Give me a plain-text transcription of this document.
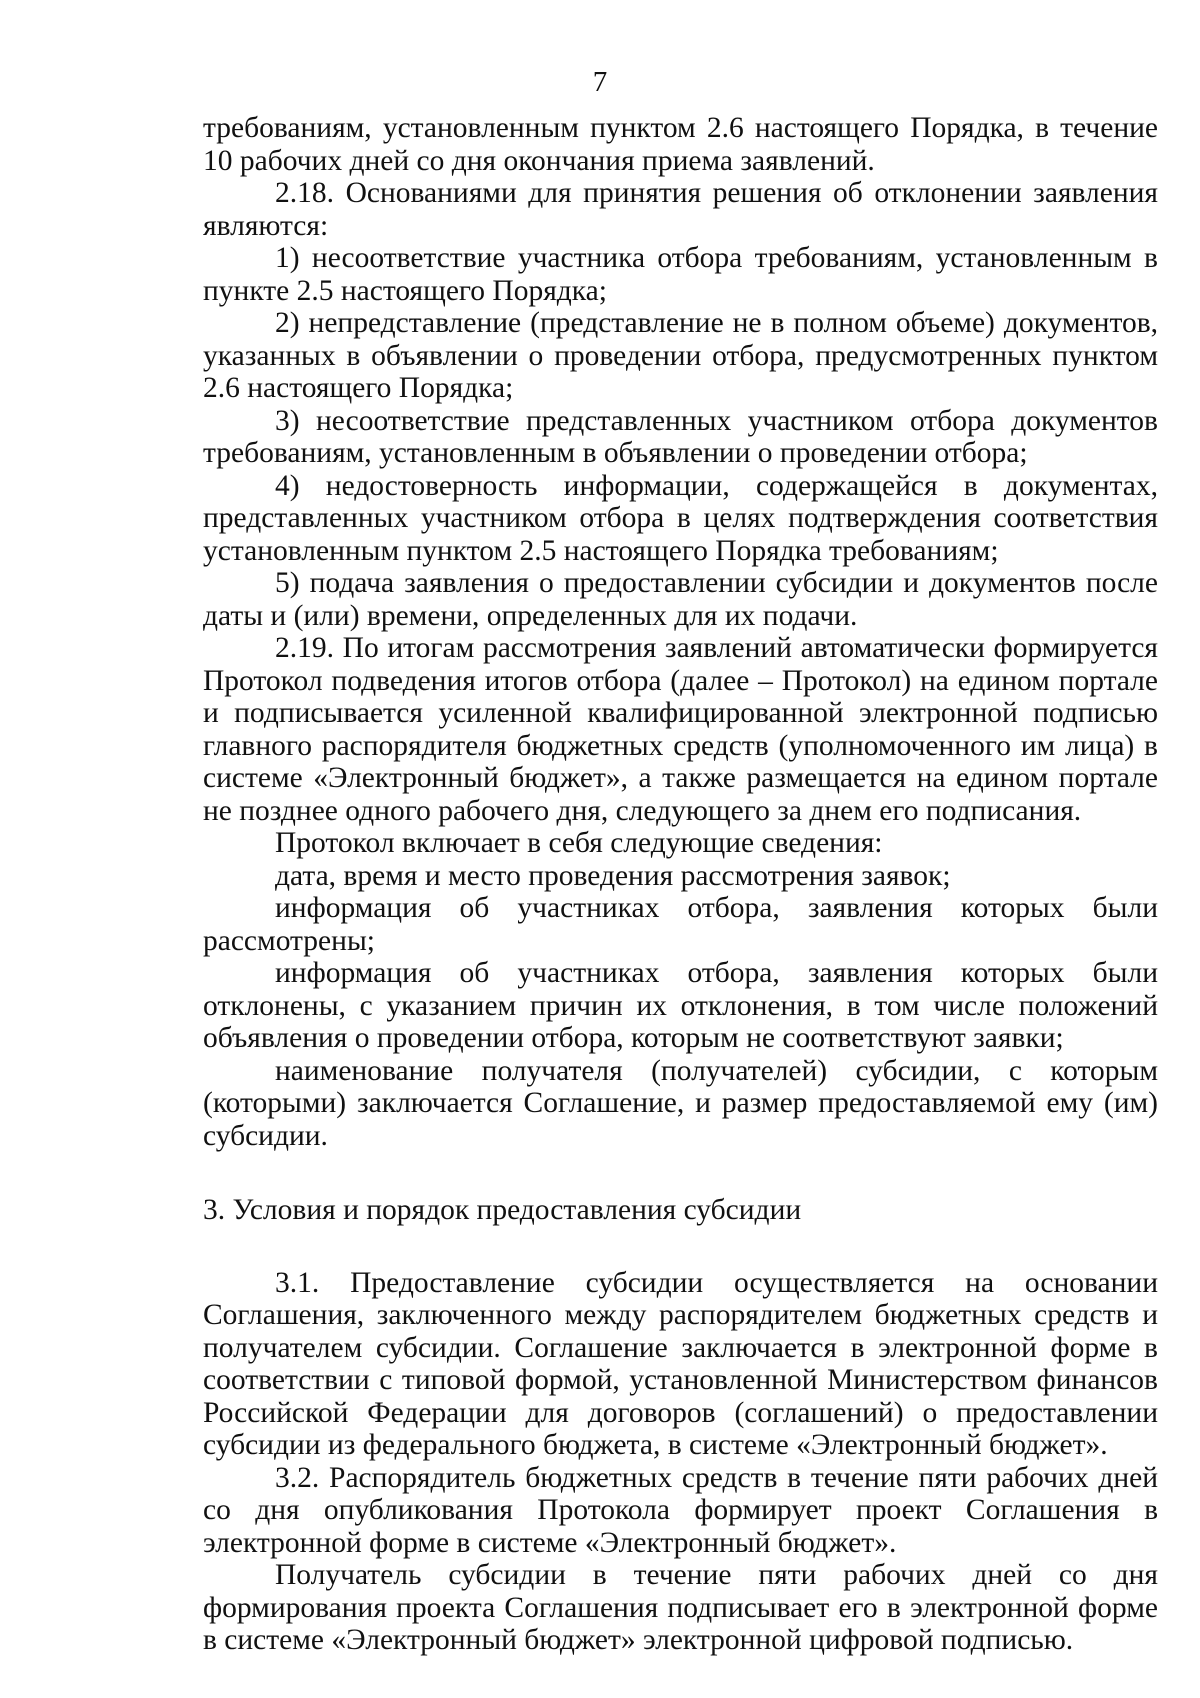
7

требованиям, установленным пунктом 2.6 настоящего Порядка, в течение 10 рабочих дней со дня окончания приема заявлений.

2.18. Основаниями для принятия решения об отклонении заявления являются:

1) несоответствие участника отбора требованиям, установленным в пункте 2.5 настоящего Порядка;

2) непредставление (представление не в полном объеме) документов, указанных в объявлении о проведении отбора, предусмотренных пунктом 2.6 настоящего Порядка;

3) несоответствие представленных участником отбора документов требованиям, установленным в объявлении о проведении отбора;

4) недостоверность информации, содержащейся в документах, представленных участником отбора в целях подтверждения соответствия установленным пунктом 2.5 настоящего Порядка требованиям;

5) подача заявления о предоставлении субсидии и документов после даты и (или) времени, определенных для их подачи.

2.19. По итогам рассмотрения заявлений автоматически формируется Протокол подведения итогов отбора (далее – Протокол) на едином портале и подписывается усиленной квалифицированной электронной подписью главного распорядителя бюджетных средств (уполномоченного им лица) в системе «Электронный бюджет», а также размещается на едином портале не позднее одного рабочего дня, следующего за днем его подписания.

Протокол включает в себя следующие сведения:

дата, время и место проведения рассмотрения заявок;

информация об участниках отбора, заявления которых были рассмотрены;

информация об участниках отбора, заявления которых были отклонены, с указанием причин их отклонения, в том числе положений объявления о проведении отбора, которым не соответствуют заявки;

наименование получателя (получателей) субсидии, с которым (которыми) заключается Соглашение, и размер предоставляемой ему (им) субсидии.

3. Условия и порядок предоставления субсидии

3.1. Предоставление субсидии осуществляется на основании Соглашения, заключенного между распорядителем бюджетных средств и получателем субсидии. Соглашение заключается в электронной форме в соответствии с типовой формой, установленной Министерством финансов Российской Федерации для договоров (соглашений) о предоставлении субсидии из федерального бюджета, в системе «Электронный бюджет».

3.2. Распорядитель бюджетных средств в течение пяти рабочих дней со дня опубликования Протокола формирует проект Соглашения в электронной форме в системе «Электронный бюджет».

Получатель субсидии в течение пяти рабочих дней со дня формирования проекта Соглашения подписывает его в электронной форме в системе «Электронный бюджет» электронной цифровой подписью.
